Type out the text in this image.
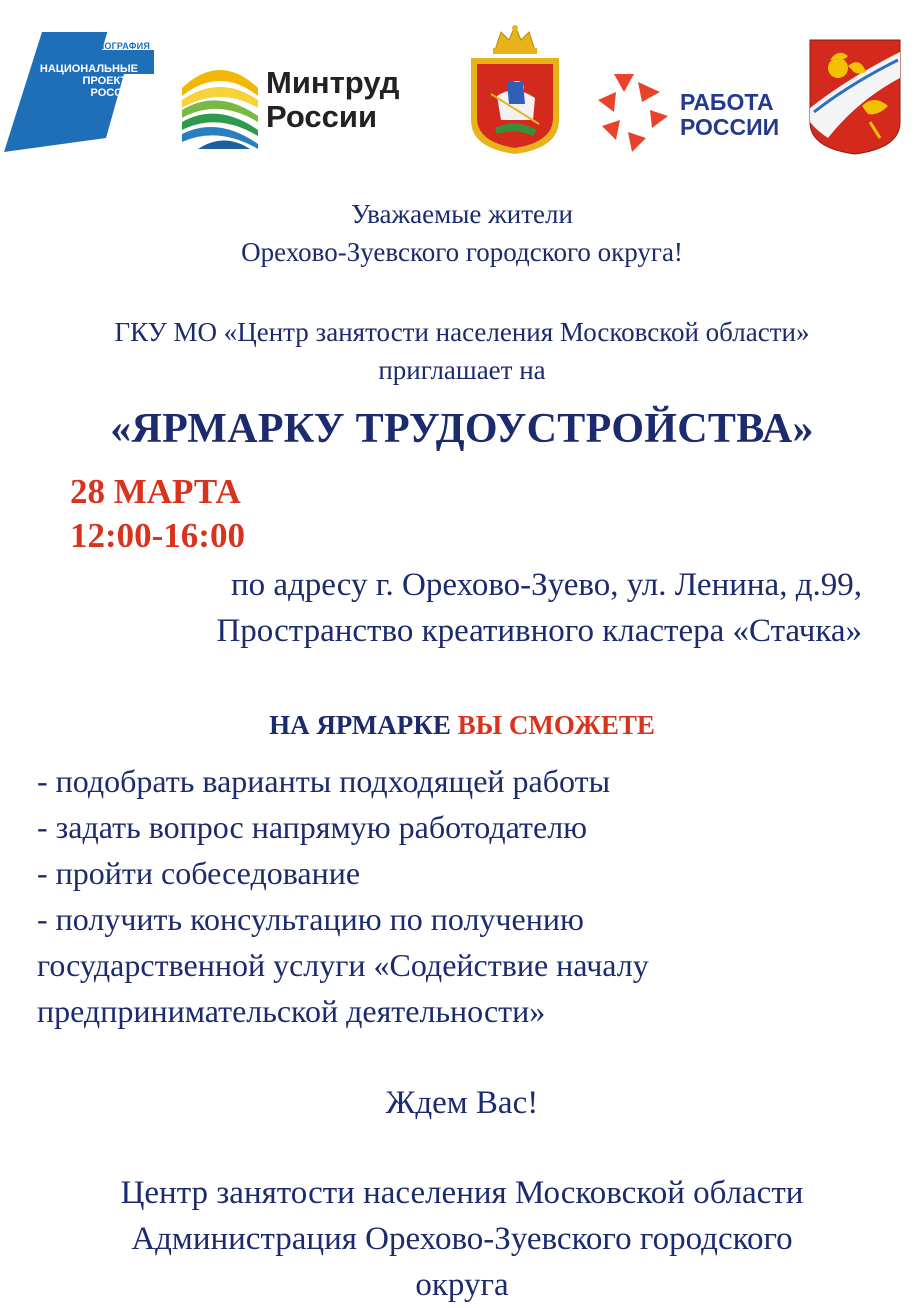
ДЕМОГРАФИЯ
НАЦИОНАЛЬНЫЕ
ПРОЕКТЫ
РОССИИ	Минтруд
России	РАБОТА
РОССИИ
Уважаемые жители
Орехово-Зуевского городского округа!
ГКУ МО «Центр занятости населения Московской области»
приглашает на
«ЯРМАРКУ ТРУДОУСТРОЙСТВА»
28 МАРТА
12:00-16:00
по адресу г. Орехово-Зуево, ул. Ленина, д.99,
Пространство креативного кластера «Стачка»
НА ЯРМАРКЕ ВЫ СМОЖЕТЕ
- подобрать варианты подходящей работы
- задать вопрос напрямую работодателю
- пройти собеседование
- получить консультацию по получению
государственной услуги «Содействие началу
предпринимательской деятельности»
Ждем Вас!
Центр занятости населения Московской области
Администрация Орехово-Зуевского городского
округа
